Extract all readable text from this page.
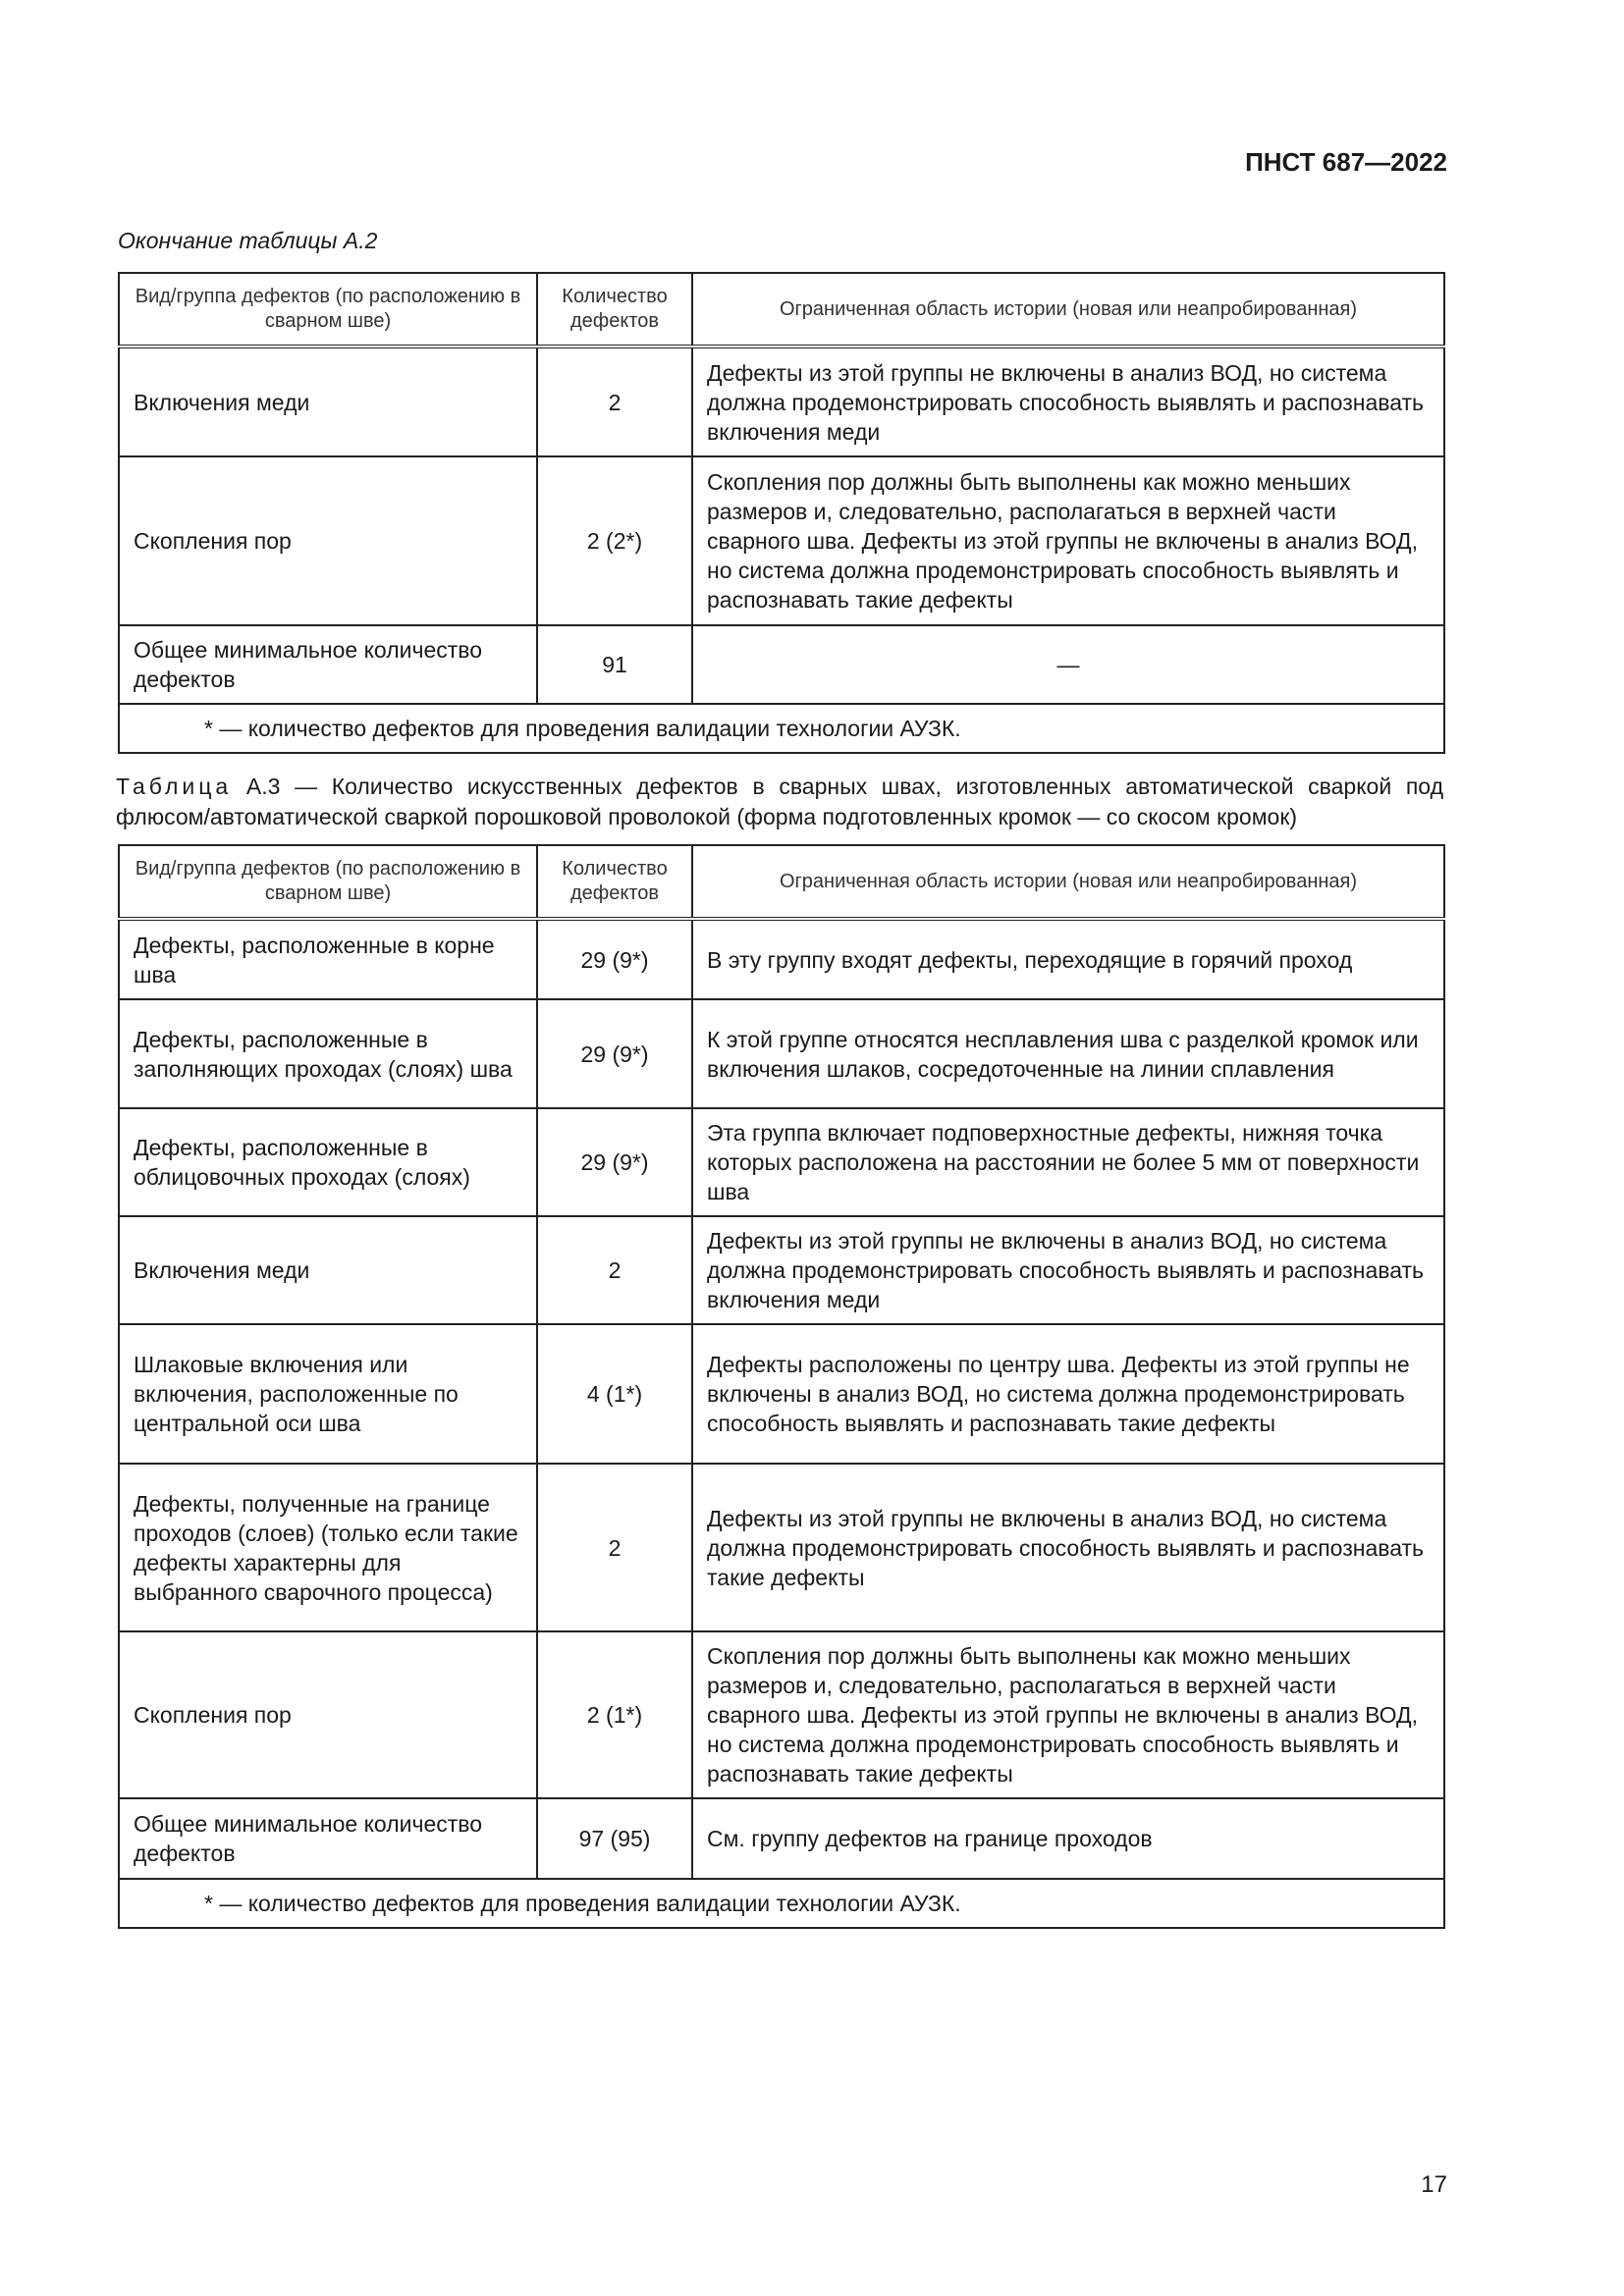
ПНСТ 687—2022
Окончание таблицы А.2
Вид/группа дефектов (по расположению в сварном шве)	Количество дефектов	Ограниченная область истории (новая или неапробированная)
Включения меди	2	Дефекты из этой группы не включены в анализ ВОД, но система должна продемонстрировать способность выявлять и распознавать включения меди
Скопления пор	2 (2*)	Скопления пор должны быть выполнены как можно меньших размеров и, следовательно, располагаться в верхней части сварного шва. Дефекты из этой группы не включены в анализ ВОД, но система должна продемонстрировать способность выявлять и распознавать такие дефекты
Общее минимальное количество дефектов	91	—
* — количество дефектов для проведения валидации технологии АУЗК.		
Таблица А.3 — Количество искусственных дефектов в сварных швах, изготовленных автоматической сваркой под флюсом/автоматической сваркой порошковой проволокой (форма подготовленных кромок — со скосом кромок)
Вид/группа дефектов (по расположению в сварном шве)	Количество дефектов	Ограниченная область истории (новая или неапробированная)
Дефекты, расположенные в корне шва	29 (9*)	В эту группу входят дефекты, переходящие в горячий проход
Дефекты, расположенные в заполняющих проходах (слоях) шва	29 (9*)	К этой группе относятся несплавления шва с разделкой кромок или включения шлаков, сосредоточенные на линии сплавления
Дефекты, расположенные в облицовочных проходах (слоях)	29 (9*)	Эта группа включает подповерхностные дефекты, нижняя точка которых расположена на расстоянии не более 5 мм от поверхности шва
Включения меди	2	Дефекты из этой группы не включены в анализ ВОД, но система должна продемонстрировать способность выявлять и распознавать включения меди
Шлаковые включения или включения, расположенные по центральной оси шва	4 (1*)	Дефекты расположены по центру шва. Дефекты из этой группы не включены в анализ ВОД, но система должна продемонстрировать способность выявлять и распознавать такие дефекты
Дефекты, полученные на границе проходов (слоев) (только если такие дефекты характерны для выбранного сварочного процесса)	2	Дефекты из этой группы не включены в анализ ВОД, но система должна продемонстрировать способность выявлять и распознавать такие дефекты
Скопления пор	2 (1*)	Скопления пор должны быть выполнены как можно меньших размеров и, следовательно, располагаться в верхней части сварного шва. Дефекты из этой группы не включены в анализ ВОД, но система должна продемонстрировать способность выявлять и распознавать такие дефекты
Общее минимальное количество дефектов	97 (95)	См. группу дефектов на границе проходов
* — количество дефектов для проведения валидации технологии АУЗК.		
17
